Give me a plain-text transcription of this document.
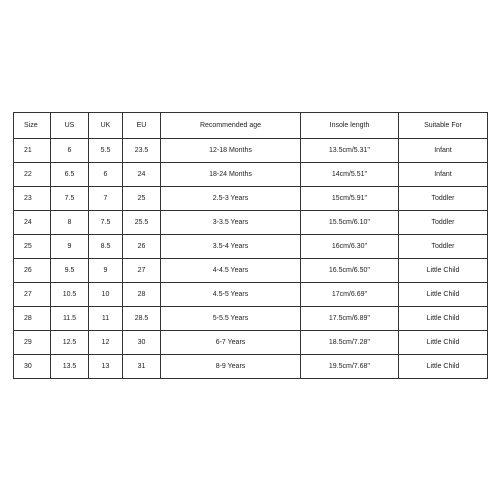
Size	US	UK	EU	Recommended age	Insole length	Suitable For
21	6	5.5	23.5	12-18 Months	13.5cm/5.31''	Infant
22	6.5	6	24	18-24 Months	14cm/5.51''	Infant
23	7.5	7	25	2.5-3 Years	15cm/5.91''	Toddler
24	8	7.5	25.5	3-3.5 Years	15.5cm/6.10''	Toddler
25	9	8.5	26	3.5-4 Years	16cm/6.30''	Toddler
26	9.5	9	27	4-4.5 Years	16.5cm/6.50''	Little Child
27	10.5	10	28	4.5-5 Years	17cm/6.69''	Little Child
28	11.5	11	28.5	5-5.5 Years	17.5cm/6.89''	Little Child
29	12.5	12	30	6-7 Years	18.5cm/7.28''	Little Child
30	13.5	13	31	8-9 Years	19.5cm/7.68''	Little Child
